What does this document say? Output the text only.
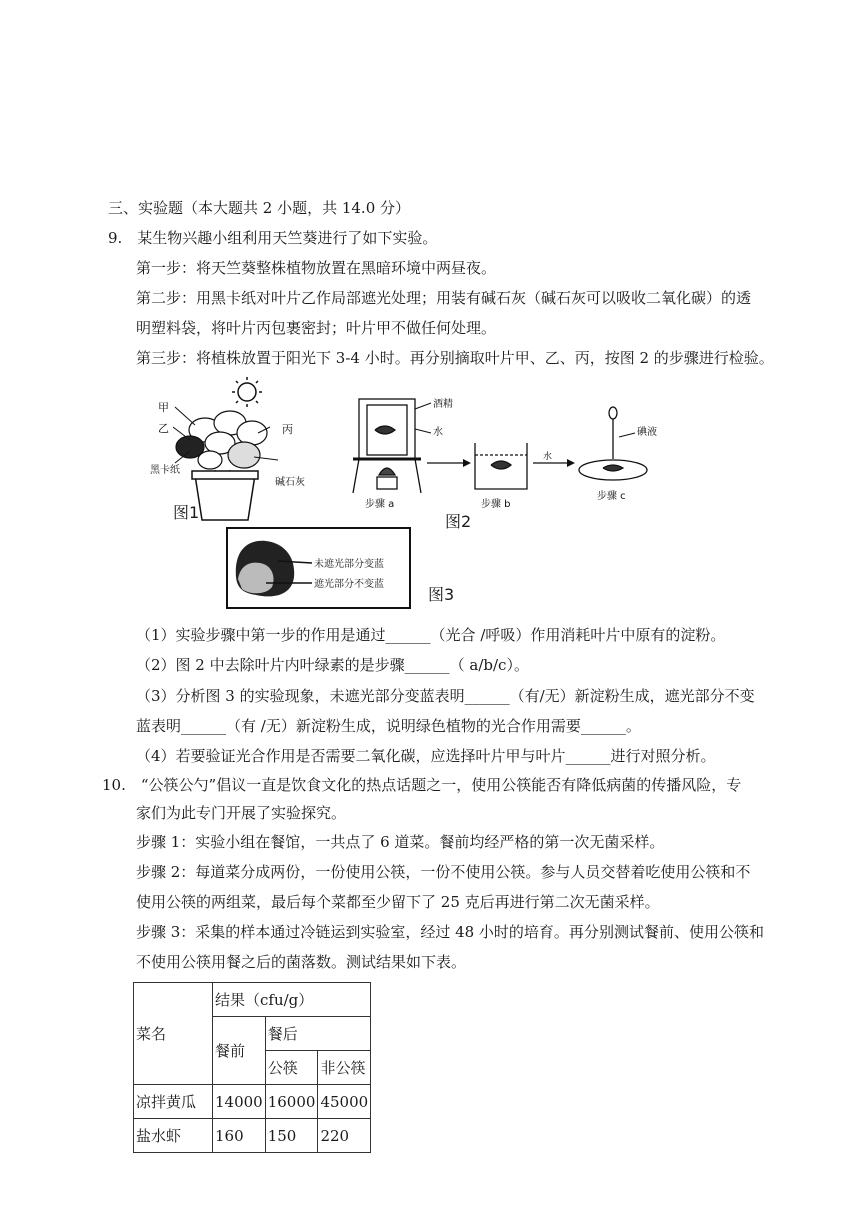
三、实验题（本大题共 2 小题，共 14.0 分）
9.　某生物兴趣小组利用天竺葵进行了如下实验。
第一步：将天竺葵整株植物放置在黑暗环境中两昼夜。
第二步：用黑卡纸对叶片乙作局部遮光处理；用装有碱石灰（碱石灰可以吸收二氧化碳）的透
明塑料袋，将叶片丙包裹密封；叶片甲不做任何处理。
第三步：将植株放置于阳光下 3-4 小时。再分别摘取叶片甲、乙、丙，按图 2 的步骤进行检验。
甲
乙	丙
黑卡纸
碱石灰
图1
酒精
水
步骤 a	步骤 b
水
碘液
步骤 c
图2
未遮光部分变蓝
遮光部分不变蓝
图3
（1）实验步骤中第一步的作用是通过______（光合 /呼吸）作用消耗叶片中原有的淀粉。
（2）图 2 中去除叶片内叶绿素的是步骤______（ a/b/c）。
（3）分析图 3 的实验现象，未遮光部分变蓝表明______（有/无）新淀粉生成，遮光部分不变
蓝表明______（有 /无）新淀粉生成，说明绿色植物的光合作用需要______。
（4）若要验证光合作用是否需要二氧化碳，应选择叶片甲与叶片______进行对照分析。
10.　“公筷公勺”倡议一直是饮食文化的热点话题之一，使用公筷能否有降低病菌的传播风险，专
家们为此专门开展了实验探究。
步骤 1：实验小组在餐馆，一共点了 6 道菜。餐前均经严格的第一次无菌采样。
步骤 2：每道菜分成两份，一份使用公筷，一份不使用公筷。参与人员交替着吃使用公筷和不
使用公筷的两组菜，最后每个菜都至少留下了 25 克后再进行第二次无菌采样。
步骤 3：采集的样本通过冷链运到实验室，经过 48 小时的培育。再分别测试餐前、使用公筷和
不使用公筷用餐之后的菌落数。测试结果如下表。
菜名	结果（cfu/g）		
	餐前	餐后	
		公筷	非公筷
凉拌黄瓜	14000	16000	45000
盐水虾	160	150	220
